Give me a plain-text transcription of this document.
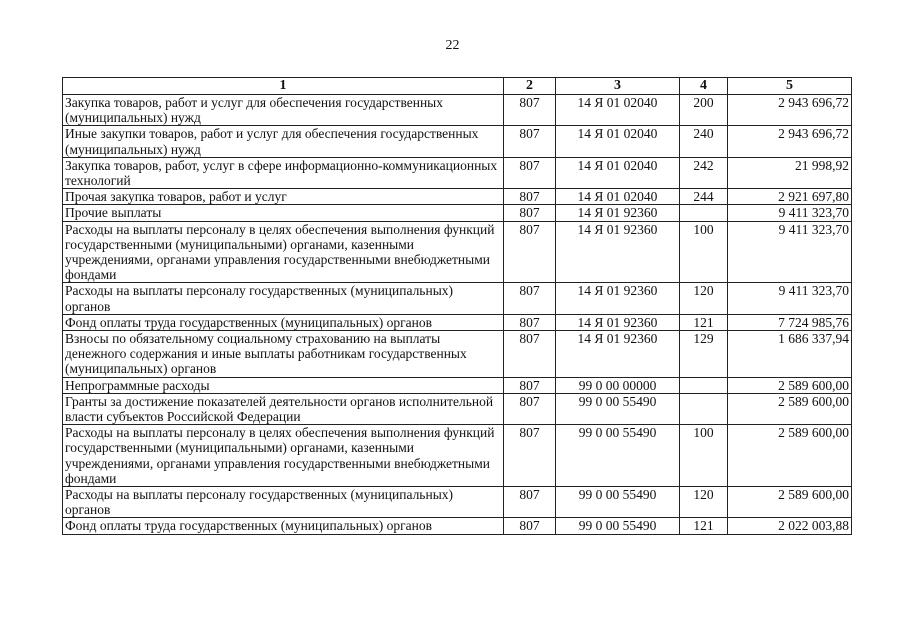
22
1	2	3	4	5
Закупка товаров, работ и услуг для обеспечения государственных (муниципальных) нужд	807	14 Я 01 02040	200	2 943 696,72
Иные закупки товаров, работ и услуг для обеспечения государственных (муниципальных) нужд	807	14 Я 01 02040	240	2 943 696,72
Закупка товаров, работ, услуг в сфере информационно-коммуникационных технологий	807	14 Я 01 02040	242	21 998,92
Прочая закупка товаров, работ и услуг	807	14 Я 01 02040	244	2 921 697,80
Прочие выплаты	807	14 Я 01 92360		9 411 323,70
Расходы на выплаты персоналу в целях обеспечения выполнения функций государственными (муниципальными) органами, казенными учреждениями, органами управления государственными внебюджетными фондами	807	14 Я 01 92360	100	9 411 323,70
Расходы на выплаты персоналу государственных (муниципальных) органов	807	14 Я 01 92360	120	9 411 323,70
Фонд оплаты труда государственных (муниципальных) органов	807	14 Я 01 92360	121	7 724 985,76
Взносы по обязательному социальному страхованию на выплаты денежного содержания и иные выплаты работникам государственных (муниципальных) органов	807	14 Я 01 92360	129	1 686 337,94
Непрограммные расходы	807	99 0 00 00000		2 589 600,00
Гранты за достижение показателей деятельности органов исполнительной власти субъектов Российской Федерации	807	99 0 00 55490		2 589 600,00
Расходы на выплаты персоналу в целях обеспечения выполнения функций государственными (муниципальными) органами, казенными учреждениями, органами управления государственными внебюджетными фондами	807	99 0 00 55490	100	2 589 600,00
Расходы на выплаты персоналу государственных (муниципальных) органов	807	99 0 00 55490	120	2 589 600,00
Фонд оплаты труда государственных (муниципальных) органов	807	99 0 00 55490	121	2 022 003,88
